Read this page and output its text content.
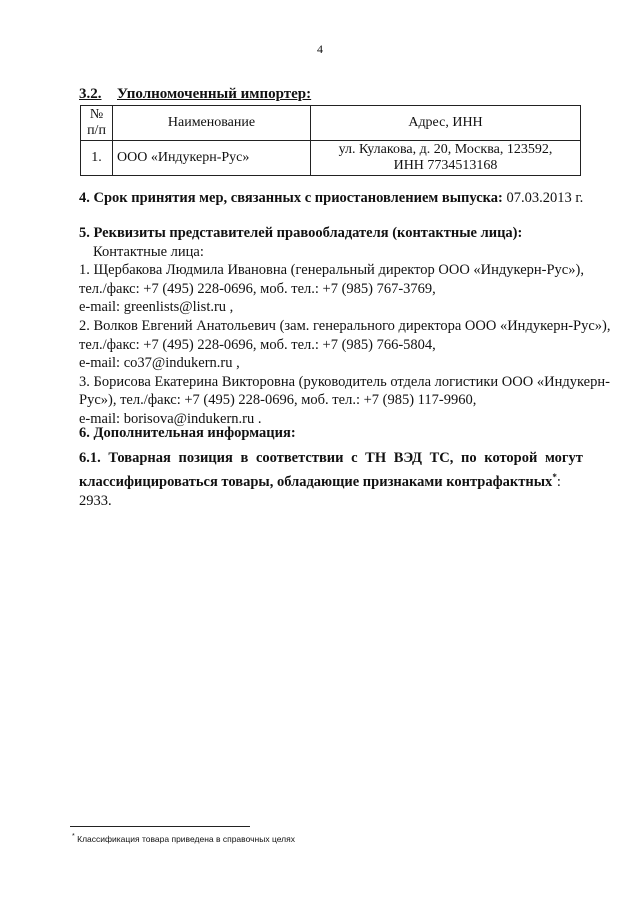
4
3.2. Уполномоченный импортер:
№ п/п	Наименование	Адрес, ИНН
1.	ООО «Индукерн-Рус»	ул. Кулакова, д. 20, Москва, 123592,
ИНН 7734513168
4. Срок принятия мер, связанных с приостановлением выпуска: 07.03.2013 г.
5. Реквизиты представителей правообладателя (контактные лица):
Контактные лица:
1. Щербакова Людмила Ивановна (генеральный директор ООО «Индукерн-Рус»),
тел./факс: +7 (495) 228-0696, моб. тел.: +7 (985) 767-3769,
e-mail: greenlists@list.ru ,
2. Волков Евгений Анатольевич (зам. генерального директора ООО «Индукерн-Рус»),
тел./факс: +7 (495) 228-0696, моб. тел.: +7 (985) 766-5804,
e-mail: co37@indukern.ru ,
3. Борисова Екатерина Викторовна (руководитель отдела логистики ООО «Индукерн-
Рус»), тел./факс: +7 (495) 228-0696, моб. тел.: +7 (985) 117-9960,
e-mail: borisova@indukern.ru .
6. Дополнительная информация:
6.1. Товарная позиция в соответствии с ТН ВЭД ТС, по которой могут
классифицироваться товары, обладающие признаками контрафактных*: 2933.
* Классификация товара приведена в справочных целях
